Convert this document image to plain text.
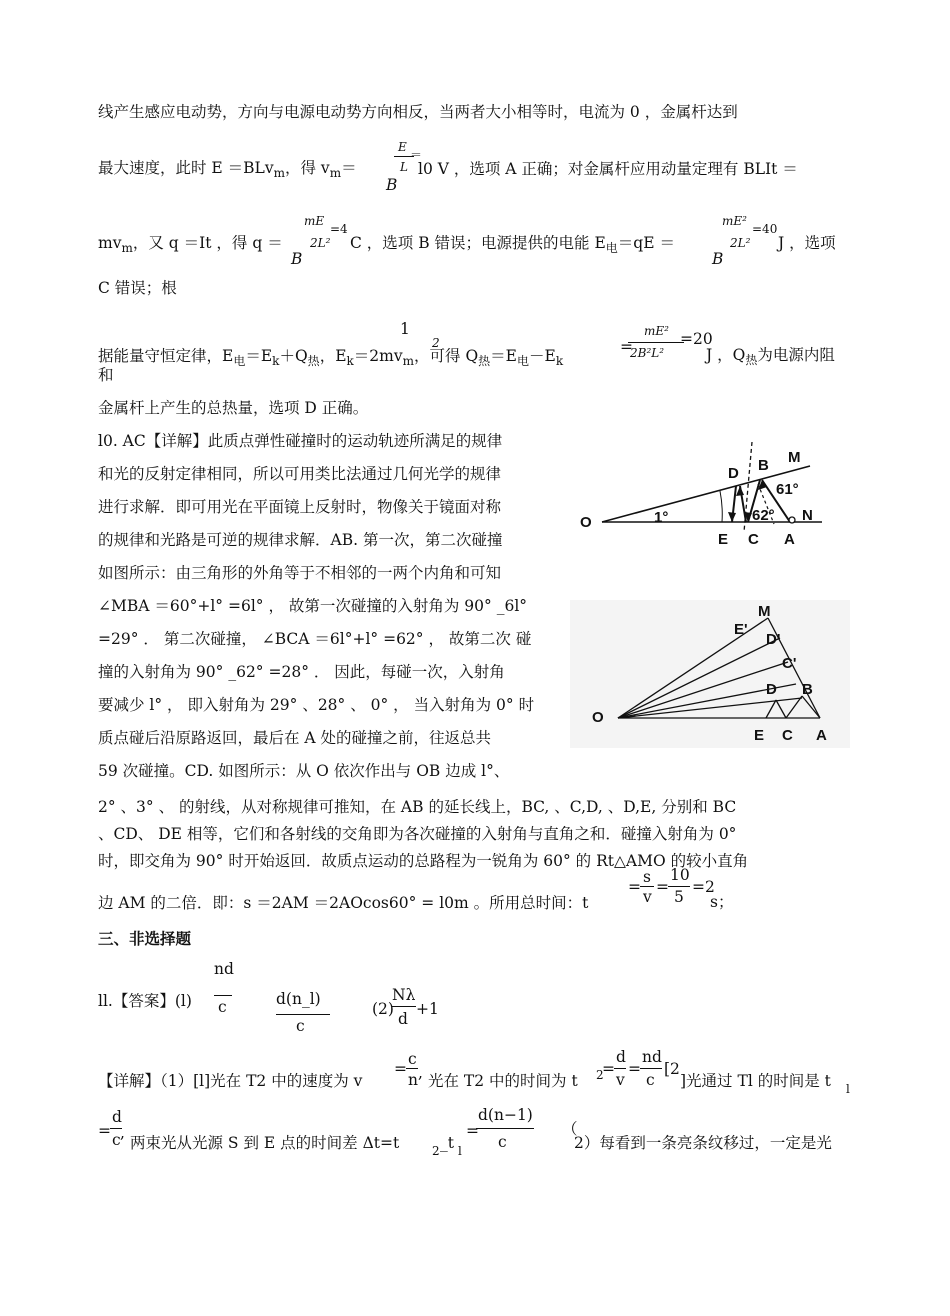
线产生感应电动势，方向与电源电动势方向相反，当两者大小相等时，电流为 0 ，金属杆达到
最大速度，此时 E ＝BLv$_m$，得 $v_m=$
E
＝
L
B
l0 V ，选项 A 正确；对金属杆应用动量定理有 BLIt ＝
$mv_m$，又 q ＝It ，得 q ＝
mE
=4
2L²
B
C ，选项 B 错误；电源提供的电能 $E_电=qE$ ＝
mE²
=40
2L²
B
J ，选项
C 错误；根
1
2
据能量守恒定律，$E_电=E_k+Q_热$，$E_k=2mv_m$，可得 $Q_热=E_电-E_k$
=
mE²
2B²L²
=20
J ，$Q_热$为电源内阻
和
金属杆上产生的总热量，选项 D 正确。
l0. AC【详解】此质点弹性碰撞时的运动轨迹所满足的规律
和光的反射定律相同，所以可用类比法通过几何光学的规律
进行求解．即可用光在平面镜上反射时，物像关于镜面对称
的规律和光路是可逆的规律求解．AB. 第一次，第二次碰撞
如图所示：由三角形的外角等于不相邻的一两个内角和可知
∠MBA ＝60°+l° =6l° ， 故第一次碰撞的入射角为 90° _6l°
=29° ． 第二次碰撞， ∠BCA ＝6l°+l° =62° ， 故第二次 碰
撞的入射角为 90° _62° =28° ． 因此，每碰一次，入射角
要减少 l° ， 即入射角为 29° 、28° 、 0° ， 当入射角为 0° 时
质点碰后沿原路返回，最后在 A 处的碰撞之前，往返总共
59 次碰撞。CD. 如图所示：从 O 依次作出与 OB 边成 l°、
2° 、3° 、 的射线，从对称规律可推知，在 AB 的延长线上，BC, 、C,D, 、D,E, 分别和 BC
、CD、 DE 相等，它们和各射线的交角即为各次碰撞的入射角与直角之和．碰撞入射角为 0°
时，即交角为 90° 时开始返回．故质点运动的总路程为一锐角为 60° 的 Rt△AMO 的较小直角
边 AM 的二倍．即：s ＝2AM ＝2AOcos60° = l0m 。所用总时间：t
=
s
v
=
10
5
=2
s；
D B M
61°
O	1°	62° N
E C A
M
E'
D'
C'
D B
O
E C A
三、非选择题
nd
ll.【答案】(l) c	d(n_l)
c
(2)
Nλ
d
+1
【详解】（1）[l]光在 T2 中的速度为 v
=
c
n , 光在 T2 中的时间为 t 2
=
d
v
=
nd
c
[2
]光通过 Tl 的时间是 t l
=
d
c ,
两束光从光源 S 到 E 点的时间差 Δt=t	2 _t l
=
d(n−1)
c
（
2）每看到一条亮条纹移过，一定是光
